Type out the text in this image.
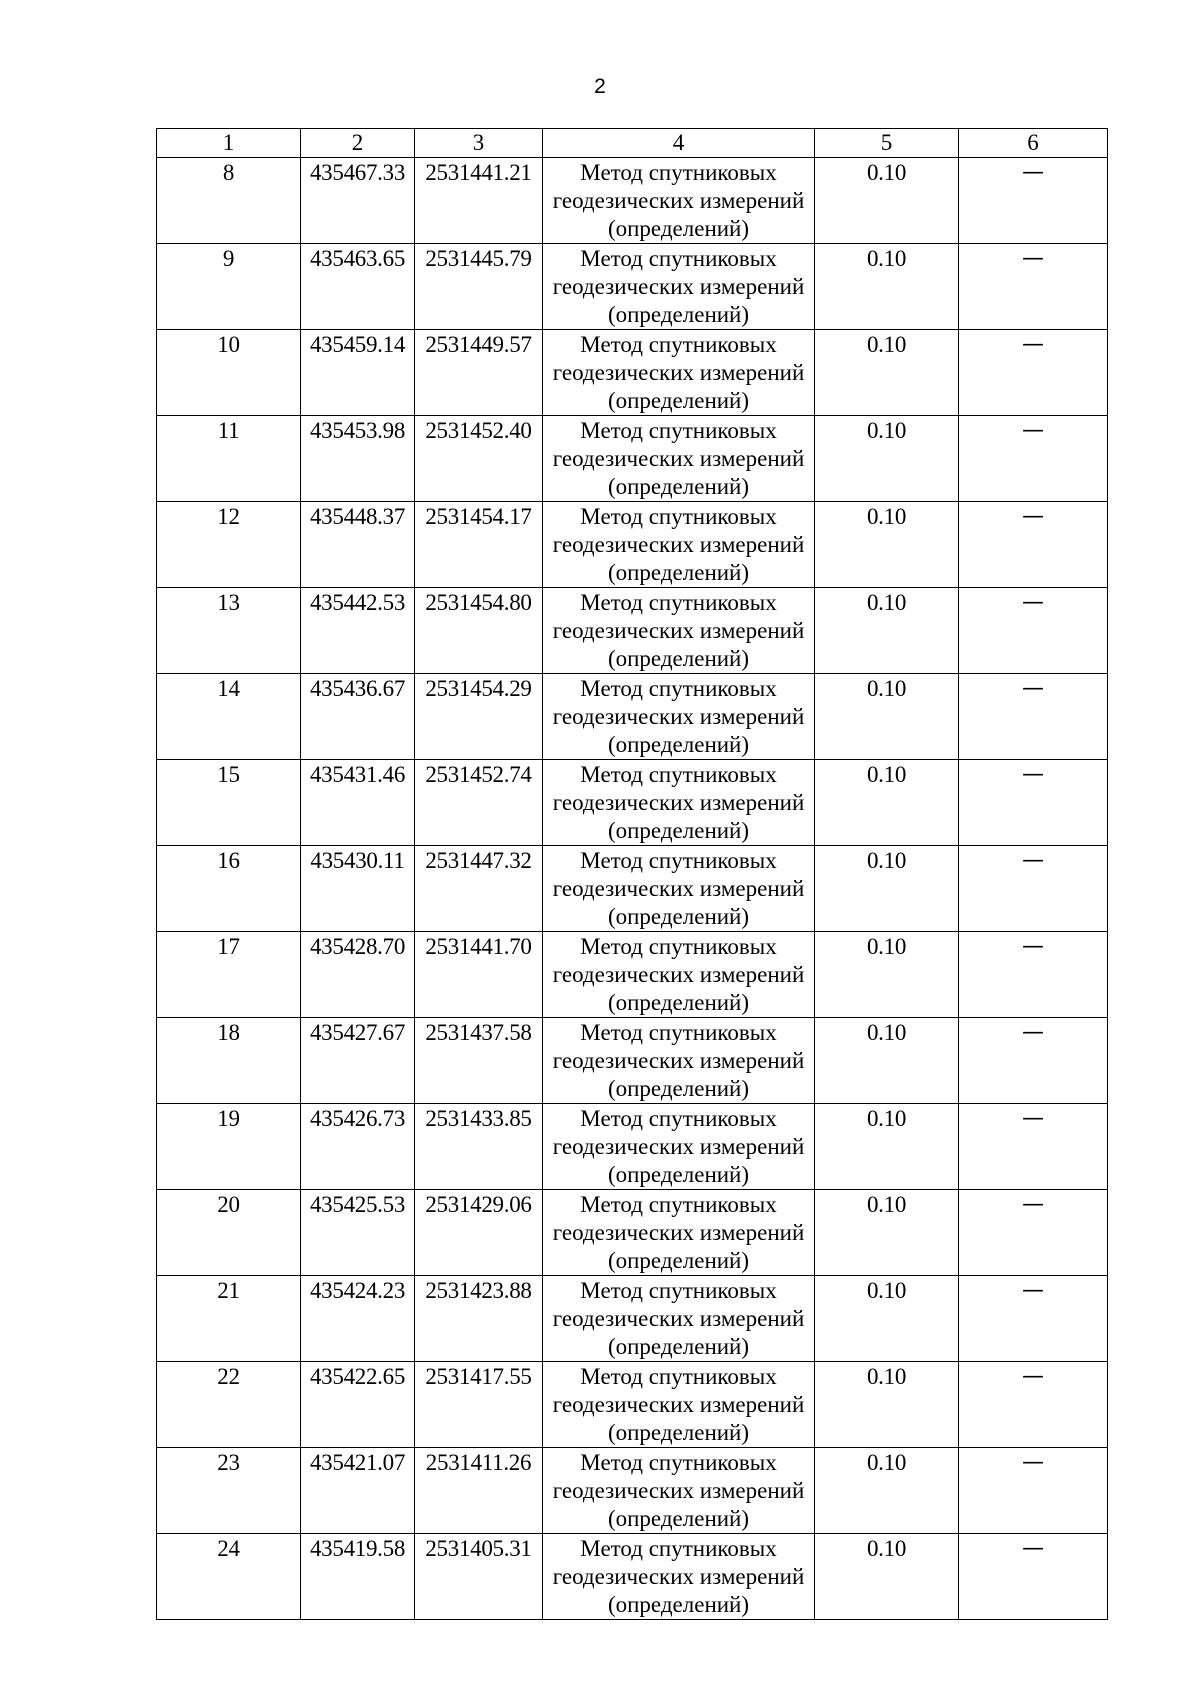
2
1	2	3	4	5	6
8	435467.33	2531441.21	Метод спутниковых
геодезических измерений
(определений)	0.10	—
9	435463.65	2531445.79	Метод спутниковых
геодезических измерений
(определений)	0.10	—
10	435459.14	2531449.57	Метод спутниковых
геодезических измерений
(определений)	0.10	—
11	435453.98	2531452.40	Метод спутниковых
геодезических измерений
(определений)	0.10	—
12	435448.37	2531454.17	Метод спутниковых
геодезических измерений
(определений)	0.10	—
13	435442.53	2531454.80	Метод спутниковых
геодезических измерений
(определений)	0.10	—
14	435436.67	2531454.29	Метод спутниковых
геодезических измерений
(определений)	0.10	—
15	435431.46	2531452.74	Метод спутниковых
геодезических измерений
(определений)	0.10	—
16	435430.11	2531447.32	Метод спутниковых
геодезических измерений
(определений)	0.10	—
17	435428.70	2531441.70	Метод спутниковых
геодезических измерений
(определений)	0.10	—
18	435427.67	2531437.58	Метод спутниковых
геодезических измерений
(определений)	0.10	—
19	435426.73	2531433.85	Метод спутниковых
геодезических измерений
(определений)	0.10	—
20	435425.53	2531429.06	Метод спутниковых
геодезических измерений
(определений)	0.10	—
21	435424.23	2531423.88	Метод спутниковых
геодезических измерений
(определений)	0.10	—
22	435422.65	2531417.55	Метод спутниковых
геодезических измерений
(определений)	0.10	—
23	435421.07	2531411.26	Метод спутниковых
геодезических измерений
(определений)	0.10	—
24	435419.58	2531405.31	Метод спутниковых
геодезических измерений
(определений)	0.10	—
